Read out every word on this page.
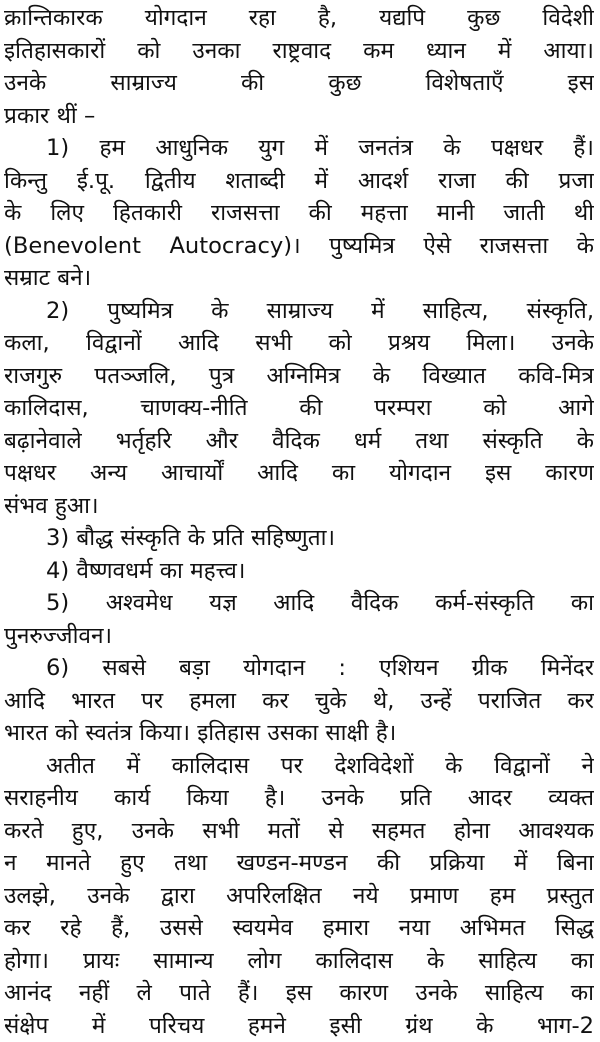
क्रान्तिकारक योगदान रहा है, यद्यपि कुछ विदेशी
इतिहासकारों को उनका राष्ट्रवाद कम ध्यान में आया।
उनके साम्राज्य की कुछ विशेषताएँ इस
प्रकार थीं –
1) हम आधुनिक युग में जनतंत्र के पक्षधर हैं।
किन्तु ई.पू. द्वितीय शताब्दी में आदर्श राजा की प्रजा
के लिए हितकारी राजसत्ता की महत्ता मानी जाती थी
(Benevolent Autocracy)। पुष्यमित्र ऐसे राजसत्ता के
सम्राट बने।
2) पुष्यमित्र के साम्राज्य में साहित्य, संस्कृति,
कला, विद्वानों आदि सभी को प्रश्रय मिला। उनके
राजगुरु पतञ्जलि, पुत्र अग्निमित्र के विख्यात कवि-मित्र
कालिदास, चाणक्य-नीति की परम्परा को आगे
बढ़ानेवाले भर्तृहरि और वैदिक धर्म तथा संस्कृति के
पक्षधर अन्य आचार्यों आदि का योगदान इस कारण
संभव हुआ।
3) बौद्ध संस्कृति के प्रति सहिष्णुता।
4) वैष्णवधर्म का महत्त्व।
5) अश्वमेध यज्ञ आदि वैदिक कर्म-संस्कृति का
पुनरुज्जीवन।
6) सबसे बड़ा योगदान : एशियन ग्रीक मिनेंदर
आदि भारत पर हमला कर चुके थे, उन्हें पराजित कर
भारत को स्वतंत्र किया। इतिहास उसका साक्षी है।
अतीत में कालिदास पर देशविदेशों के विद्वानों ने
सराहनीय कार्य किया है। उनके प्रति आदर व्यक्त
करते हुए, उनके सभी मतों से सहमत होना आवश्यक
न मानते हुए तथा खण्डन-मण्डन की प्रक्रिया में बिना
उलझे, उनके द्वारा अपरिलक्षित नये प्रमाण हम प्रस्तुत
कर रहे हैं, उससे स्वयमेव हमारा नया अभिमत सिद्ध
होगा। प्रायः सामान्य लोग कालिदास के साहित्य का
आनंद नहीं ले पाते हैं। इस कारण उनके साहित्य का
संक्षेप में परिचय हमने इसी ग्रंथ के भाग-2
